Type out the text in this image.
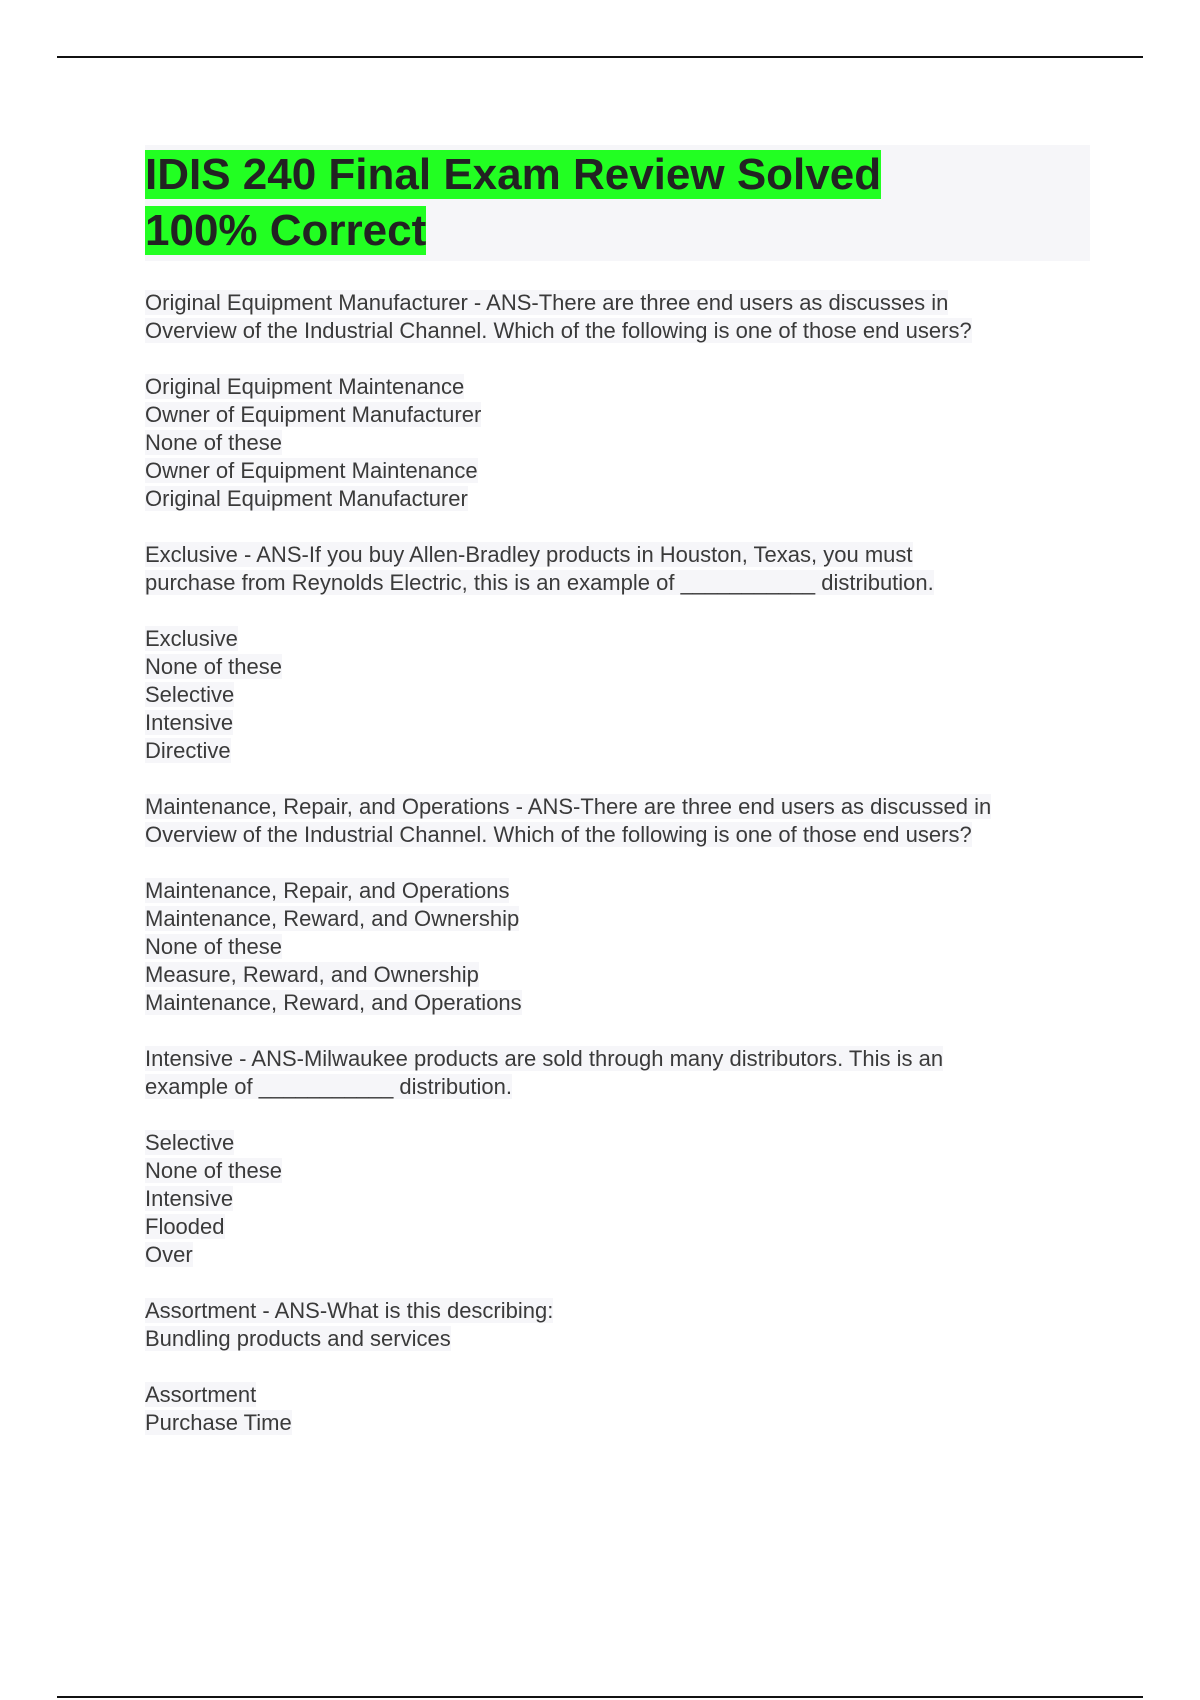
IDIS 240 Final Exam Review Solved
100% Correct
Original Equipment Manufacturer - ANS-There are three end users as discusses in
Overview of the Industrial Channel. Which of the following is one of those end users?
Original Equipment Maintenance
Owner of Equipment Manufacturer
None of these
Owner of Equipment Maintenance
Original Equipment Manufacturer
Exclusive - ANS-If you buy Allen-Bradley products in Houston, Texas, you must
purchase from Reynolds Electric, this is an example of ___________ distribution.
Exclusive
None of these
Selective
Intensive
Directive
Maintenance, Repair, and Operations - ANS-There are three end users as discussed in
Overview of the Industrial Channel. Which of the following is one of those end users?
Maintenance, Repair, and Operations
Maintenance, Reward, and Ownership
None of these
Measure, Reward, and Ownership
Maintenance, Reward, and Operations
Intensive - ANS-Milwaukee products are sold through many distributors. This is an
example of ___________ distribution.
Selective
None of these
Intensive
Flooded
Over
Assortment - ANS-What is this describing:
Bundling products and services
Assortment
Purchase Time
